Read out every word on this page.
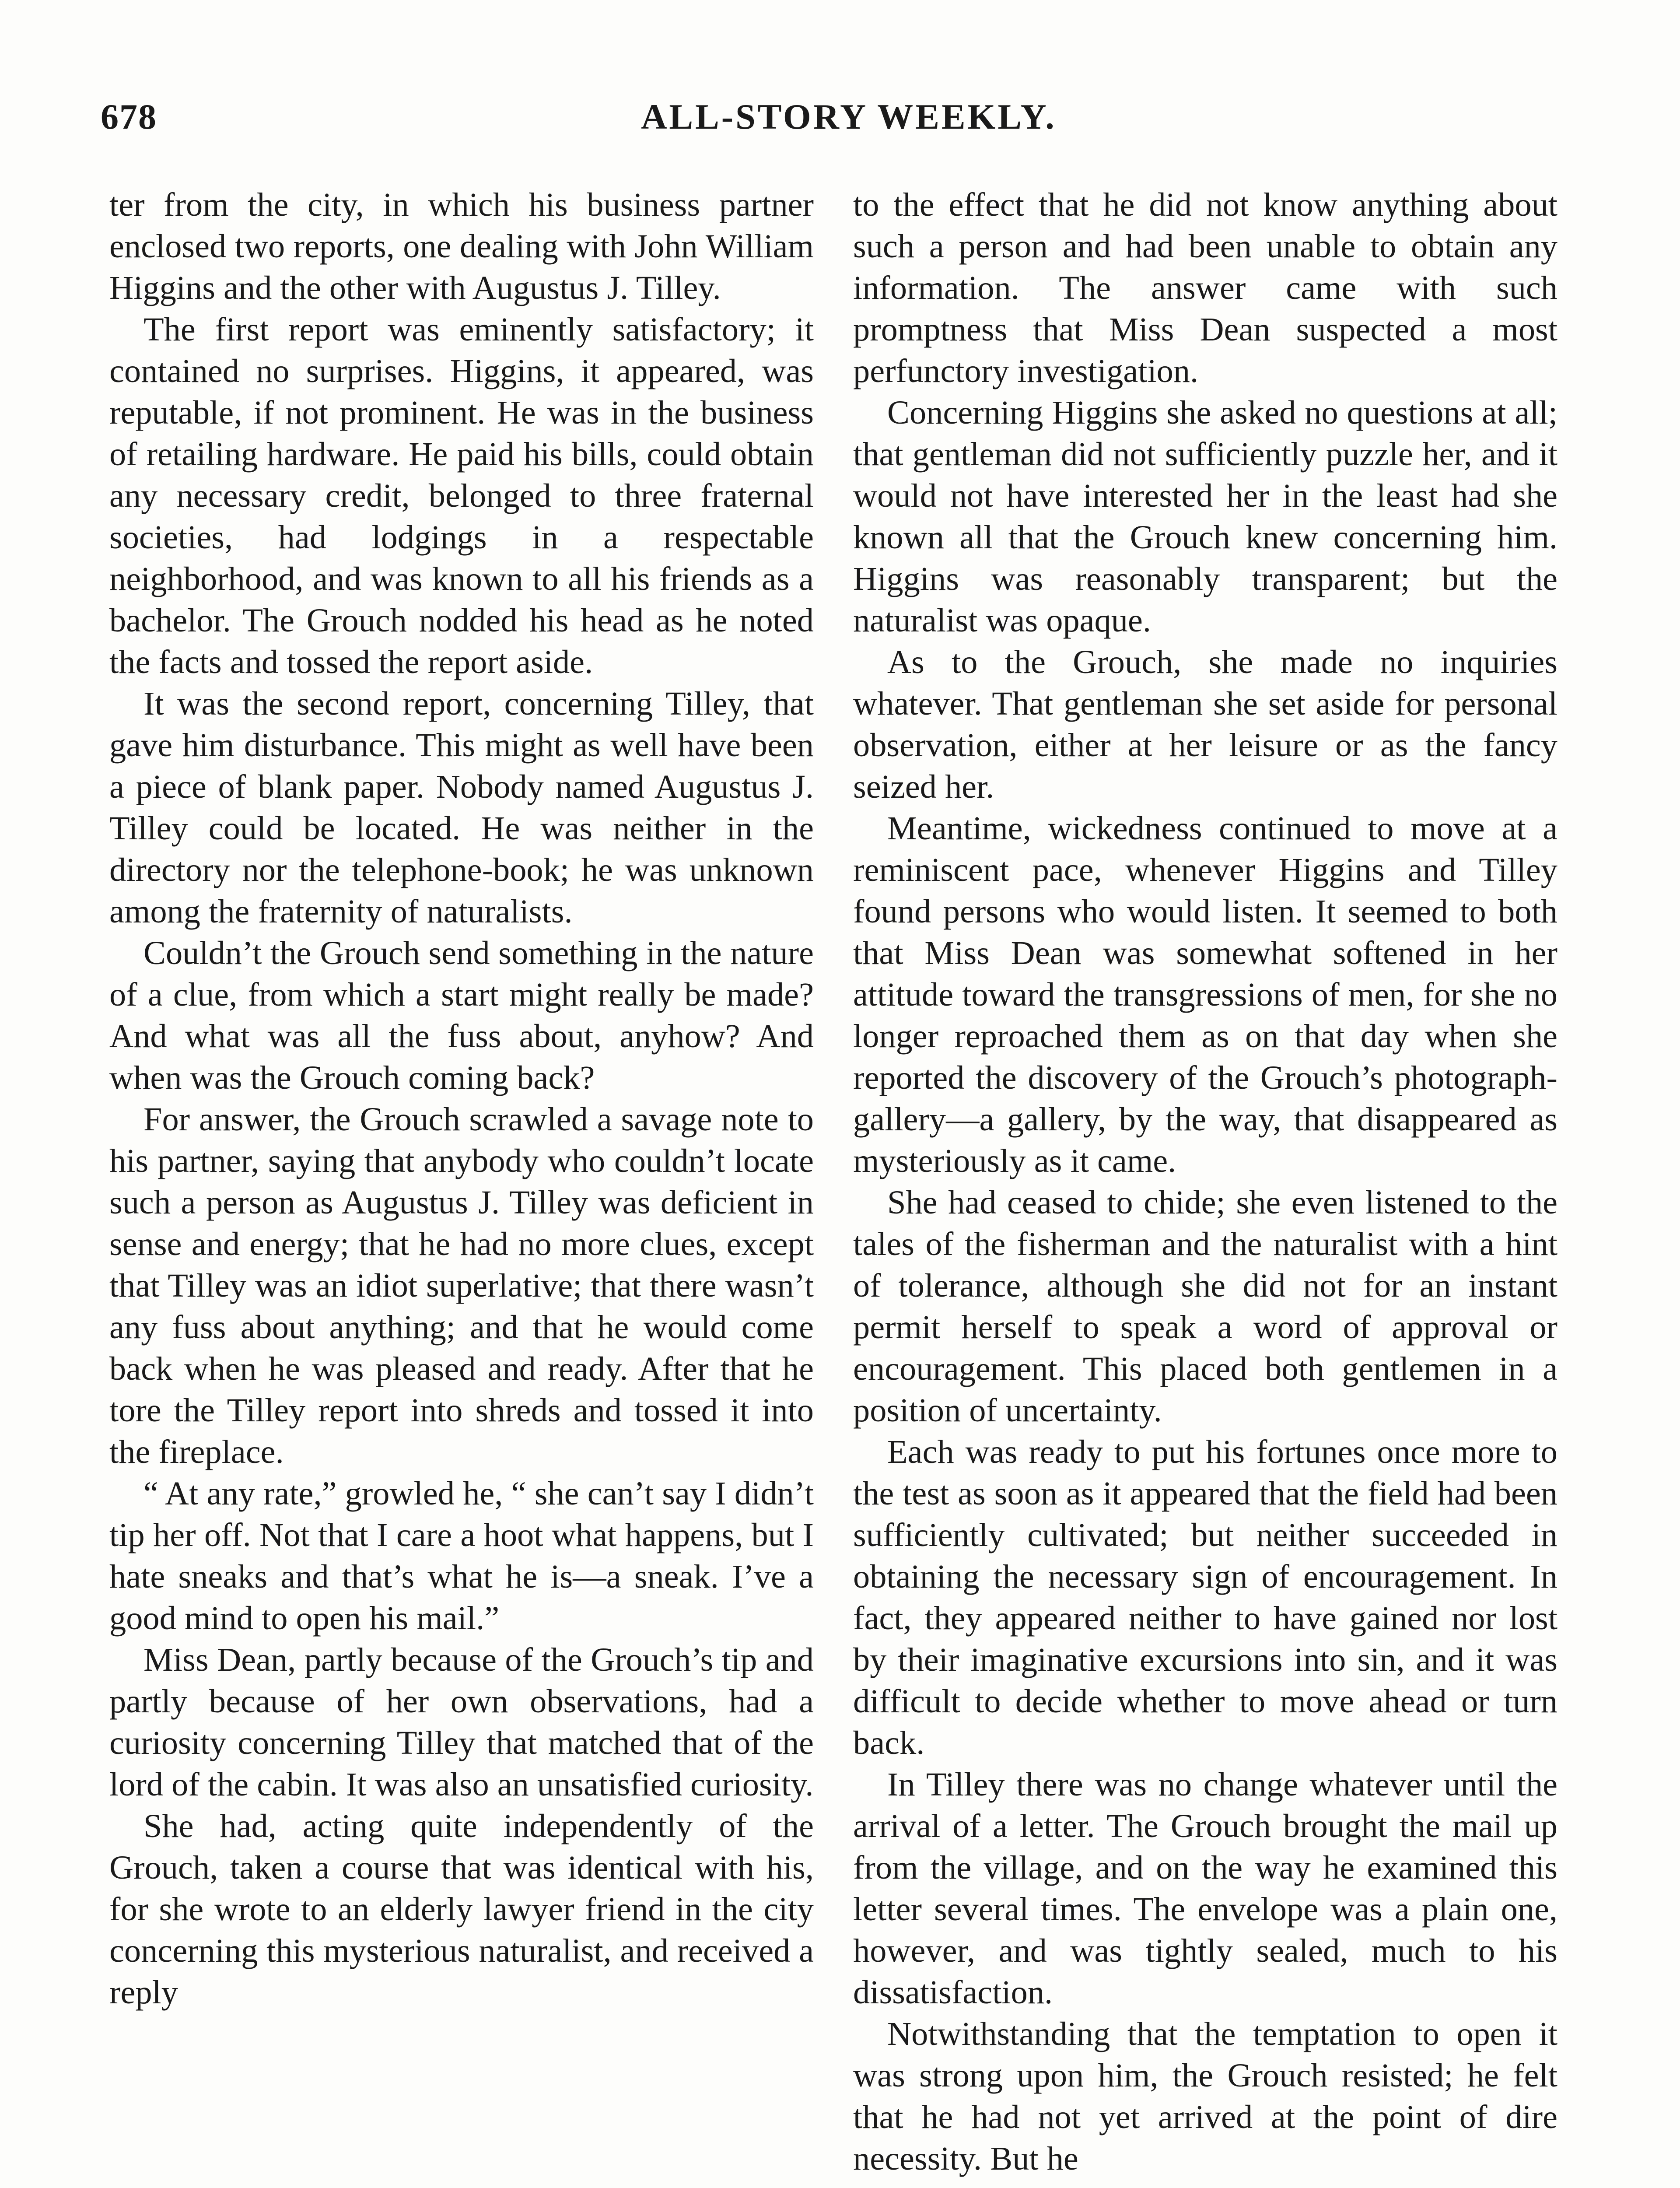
678	ALL-STORY WEEKLY.

ter from the city, in which his business partner enclosed two reports, one dealing with John William Higgins and the other with Augustus J. Tilley.

The first report was eminently satisfactory; it contained no surprises. Higgins, it appeared, was reputable, if not prominent. He was in the business of retailing hardware. He paid his bills, could obtain any necessary credit, belonged to three fraternal societies, had lodgings in a respectable neighborhood, and was known to all his friends as a bachelor. The Grouch nodded his head as he noted the facts and tossed the report aside.

It was the second report, concerning Tilley, that gave him disturbance. This might as well have been a piece of blank paper. Nobody named Augustus J. Tilley could be located. He was neither in the directory nor the telephone-book; he was unknown among the fraternity of naturalists.

Couldn’t the Grouch send something in the nature of a clue, from which a start might really be made? And what was all the fuss about, anyhow? And when was the Grouch coming back?

For answer, the Grouch scrawled a savage note to his partner, saying that anybody who couldn’t locate such a person as Augustus J. Tilley was deficient in sense and energy; that he had no more clues, except that Tilley was an idiot superlative; that there wasn’t any fuss about anything; and that he would come back when he was pleased and ready. After that he tore the Tilley report into shreds and tossed it into the fireplace.

“ At any rate,” growled he, “ she can’t say I didn’t tip her off. Not that I care a hoot what happens, but I hate sneaks and that’s what he is—a sneak. I’ve a good mind to open his mail.”

Miss Dean, partly because of the Grouch’s tip and partly because of her own observations, had a curiosity concerning Tilley that matched that of the lord of the cabin. It was also an unsatisfied curiosity.

She had, acting quite independently of the Grouch, taken a course that was identical with his, for she wrote to an elderly lawyer friend in the city concerning this mysterious naturalist, and received a reply

to the effect that he did not know anything about such a person and had been unable to obtain any information. The answer came with such promptness that Miss Dean suspected a most perfunctory investigation.

Concerning Higgins she asked no questions at all; that gentleman did not sufficiently puzzle her, and it would not have interested her in the least had she known all that the Grouch knew concerning him. Higgins was reasonably transparent; but the naturalist was opaque.

As to the Grouch, she made no inquiries whatever. That gentleman she set aside for personal observation, either at her leisure or as the fancy seized her.

Meantime, wickedness continued to move at a reminiscent pace, whenever Higgins and Tilley found persons who would listen. It seemed to both that Miss Dean was somewhat softened in her attitude toward the transgressions of men, for she no longer reproached them as on that day when she reported the discovery of the Grouch’s photograph-gallery—a gallery, by the way, that disappeared as mysteriously as it came.

She had ceased to chide; she even listened to the tales of the fisherman and the naturalist with a hint of tolerance, although she did not for an instant permit herself to speak a word of approval or encouragement. This placed both gentlemen in a position of uncertainty.

Each was ready to put his fortunes once more to the test as soon as it appeared that the field had been sufficiently cultivated; but neither succeeded in obtaining the necessary sign of encouragement. In fact, they appeared neither to have gained nor lost by their imaginative excursions into sin, and it was difficult to decide whether to move ahead or turn back.

In Tilley there was no change whatever until the arrival of a letter. The Grouch brought the mail up from the village, and on the way he examined this letter several times. The envelope was a plain one, however, and was tightly sealed, much to his dissatisfaction.

Notwithstanding that the temptation to open it was strong upon him, the Grouch resisted; he felt that he had not yet arrived at the point of dire necessity. But he
